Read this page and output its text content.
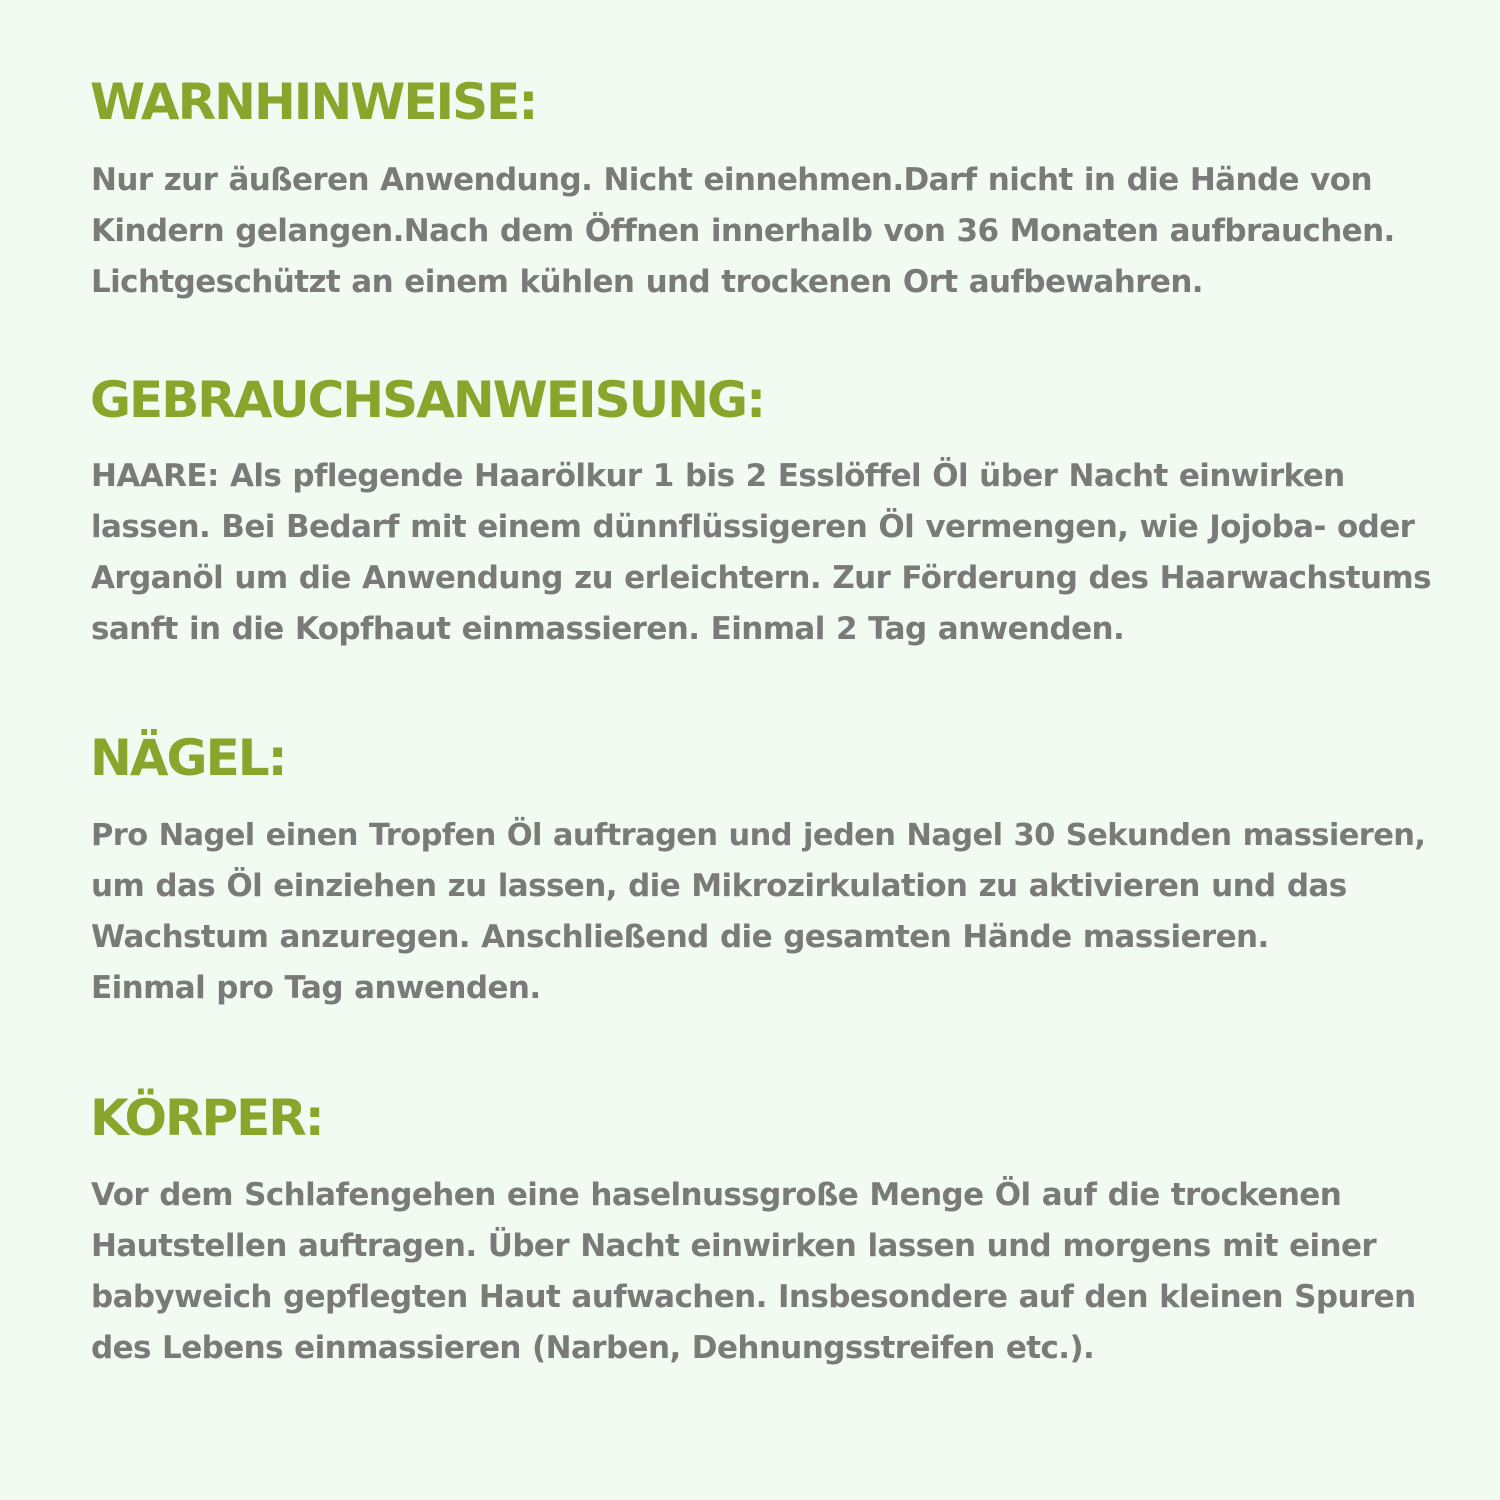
WARNHINWEISE:
Nur zur äußeren Anwendung. Nicht einnehmen.Darf nicht in die Hände von
Kindern gelangen.Nach dem Öffnen innerhalb von 36 Monaten aufbrauchen.
Lichtgeschützt an einem kühlen und trockenen Ort aufbewahren.
GEBRAUCHSANWEISUNG:
HAARE: Als pflegende Haarölkur 1 bis 2 Esslöffel Öl über Nacht einwirken
lassen. Bei Bedarf mit einem dünnflüssigeren Öl vermengen, wie Jojoba- oder
Arganöl um die Anwendung zu erleichtern. Zur Förderung des Haarwachstums
sanft in die Kopfhaut einmassieren. Einmal 2 Tag anwenden.
NÄGEL:
Pro Nagel einen Tropfen Öl auftragen und jeden Nagel 30 Sekunden massieren,
um das Öl einziehen zu lassen, die Mikrozirkulation zu aktivieren und das
Wachstum anzuregen. Anschließend die gesamten Hände massieren.
Einmal pro Tag anwenden.
KÖRPER:
Vor dem Schlafengehen eine haselnussgroße Menge Öl auf die trockenen
Hautstellen auftragen. Über Nacht einwirken lassen und morgens mit einer
babyweich gepflegten Haut aufwachen. Insbesondere auf den kleinen Spuren
des Lebens einmassieren (Narben, Dehnungsstreifen etc.).
